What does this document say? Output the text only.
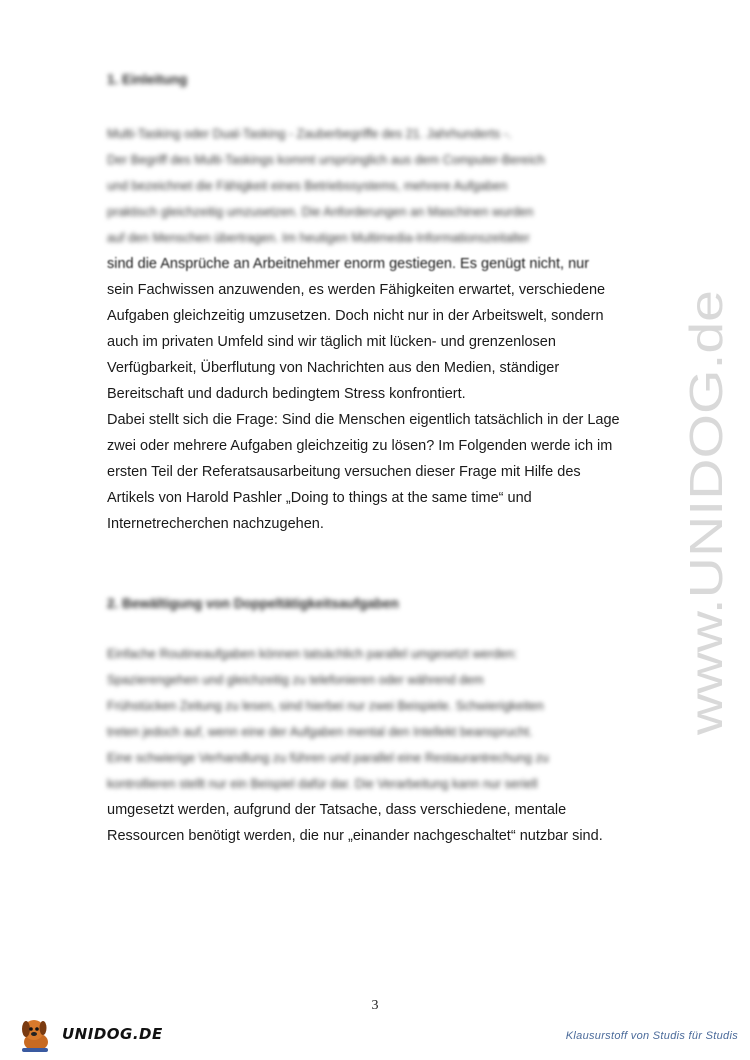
1. Einleitung
Multi-Tasking oder Dual-Tasking - Zauberbegriffe des 21. Jahrhunderts -.
Der Begriff des Multi-Taskings kommt ursprünglich aus dem Computer-Bereich
und bezeichnet die Fähigkeit eines Betriebssystems, mehrere Aufgaben
praktisch gleichzeitig umzusetzen. Die Anforderungen an Maschinen wurden
auf den Menschen übertragen. Im heutigen Multimedia-Informationszeitalter
sind die Ansprüche an Arbeitnehmer enorm gestiegen. Es genügt nicht, nur
sein Fachwissen anzuwenden, es werden Fähigkeiten erwartet, verschiedene
Aufgaben gleichzeitig umzusetzen. Doch nicht nur in der Arbeitswelt, sondern
auch im privaten Umfeld sind wir täglich mit lücken- und grenzenlosen
Verfügbarkeit, Überflutung von Nachrichten aus den Medien, ständiger
Bereitschaft und dadurch bedingtem Stress konfrontiert.
Dabei stellt sich die Frage: Sind die Menschen eigentlich tatsächlich in der Lage
zwei oder mehrere Aufgaben gleichzeitig zu lösen? Im Folgenden werde ich im
ersten Teil der Referatsausarbeitung versuchen dieser Frage mit Hilfe des
Artikels von Harold Pashler „Doing to things at the same time“ und
Internetrecherchen nachzugehen.
2. Bewältigung von Doppeltätigkeitsaufgaben
Einfache Routineaufgaben können tatsächlich parallel umgesetzt werden:
Spazierengehen und gleichzeitig zu telefonieren oder während dem
Frühstücken Zeitung zu lesen, sind hierbei nur zwei Beispiele. Schwierigkeiten
treten jedoch auf, wenn eine der Aufgaben mental den Intellekt beansprucht.
Eine schwierige Verhandlung zu führen und parallel eine Restaurantrechung zu
kontrollieren stellt nur ein Beispiel dafür dar. Die Verarbeitung kann nur seriell
umgesetzt werden, aufgrund der Tatsache, dass verschiedene, mentale
Ressourcen benötigt werden, die nur „einander nachgeschaltet“ nutzbar sind.
www.UNIDOG.de
3
UNIDOG.DE	Klausurstoff von Studis für Studis
